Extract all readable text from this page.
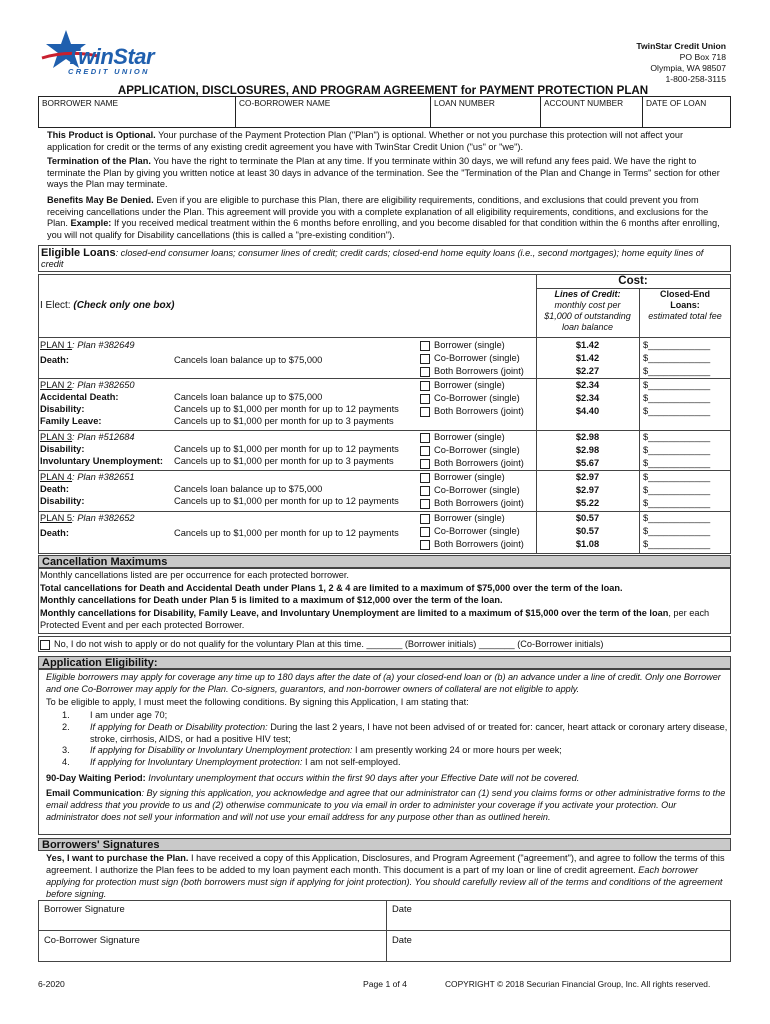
TwinStar
CREDIT UNION
TwinStar Credit Union
PO Box 718
Olympia, WA 98507
1-800-258-3115
APPLICATION, DISCLOSURES, AND PROGRAM AGREEMENT for PAYMENT PROTECTION PLAN
BORROWER NAME	CO-BORROWER NAME	LOAN NUMBER	ACCOUNT NUMBER	DATE OF LOAN
This Product is Optional. Your purchase of the Payment Protection Plan ("Plan") is optional. Whether or not you purchase this protection will not affect your application for credit or the terms of any existing credit agreement you have with TwinStar Credit Union ("us" or "we").
Termination of the Plan. You have the right to terminate the Plan at any time. If you terminate within 30 days, we will refund any fees paid. We have the right to terminate the Plan by giving you written notice at least 30 days in advance of the termination. See the "Termination of the Plan and Change in Terms" section for other ways the Plan may terminate.
Benefits May Be Denied. Even if you are eligible to purchase this Plan, there are eligibility requirements, conditions, and exclusions that could prevent you from receiving cancellations under the Plan. This agreement will provide you with a complete explanation of all eligibility requirements, conditions, and exclusions for the Plan. Example: If you received medical treatment within the 6 months before enrolling, and you become disabled for that condition within the 6 months after enrolling, you will not qualify for Disability cancellations (this is called a "pre-existing condition").
Eligible Loans: closed-end consumer loans; consumer lines of credit; credit cards; closed-end home equity loans (i.e., second mortgages); home equity lines of credit
Cost:
I Elect: (Check only one box)
Lines of Credit:
monthly cost per
$1,000 of outstanding
loan balance
Closed-End
Loans:
estimated total fee
PLAN 1: Plan #382649
Death:	Cancels loan balance up to $75,000
Borrower (single)	$1.42	$____________
Co-Borrower (single)	$1.42	$____________
Both Borrowers (joint)	$2.27	$____________
PLAN 2: Plan #382650
Accidental Death:	Cancels loan balance up to $75,000
Disability:	Cancels up to $1,000 per month for up to 12 payments
Family Leave:	Cancels up to $1,000 per month for up to 3 payments
Borrower (single)	$2.34	$____________
Co-Borrower (single)	$2.34	$____________
Both Borrowers (joint)	$4.40	$____________
PLAN 3: Plan #512684
Disability:	Cancels up to $1,000 per month for up to 12 payments
Involuntary Unemployment: Cancels up to $1,000 per month for up to 3 payments
Borrower (single)	$2.98	$____________
Co-Borrower (single)	$2.98	$____________
Both Borrowers (joint)	$5.67	$____________
PLAN 4: Plan #382651
Death:	Cancels loan balance up to $75,000
Disability:	Cancels up to $1,000 per month for up to 12 payments
Borrower (single)	$2.97	$____________
Co-Borrower (single)	$2.97	$____________
Both Borrowers (joint)	$5.22	$____________
PLAN 5: Plan #382652
Death:	Cancels up to $1,000 per month for up to 12 payments
Borrower (single)	$0.57	$____________
Co-Borrower (single)	$0.57	$____________
Both Borrowers (joint)	$1.08	$____________
Cancellation Maximums
Monthly cancellations listed are per occurrence for each protected borrower.
Total cancellations for Death and Accidental Death under Plans 1, 2 & 4 are limited to a maximum of $75,000 over the term of the loan.
Monthly cancellations for Death under Plan 5 is limited to a maximum of $12,000 over the term of the loan.
Monthly cancellations for Disability, Family Leave, and Involuntary Unemployment are limited to a maximum of $15,000 over the term of the loan, per each Protected Event and per each protected Borrower.
No, I do not wish to apply or do not qualify for the voluntary Plan at this time. _______ (Borrower initials) _______ (Co-Borrower initials)
Application Eligibility:
Eligible borrowers may apply for coverage any time up to 180 days after the date of (a) your closed-end loan or (b) an advance under a line of credit. Only one Borrower and one Co-Borrower may apply for the Plan. Co-signers, guarantors, and non-borrower owners of collateral are not eligible to apply.
To be eligible to apply, I must meet the following conditions. By signing this Application, I am stating that:
1.	I am under age 70;
2.	If applying for Death or Disability protection: During the last 2 years, I have not been advised of or treated for: cancer, heart attack or coronary artery disease, stroke, cirrhosis, AIDS, or had a positive HIV test;
3.	If applying for Disability or Involuntary Unemployment protection: I am presently working 24 or more hours per week;
4.	If applying for Involuntary Unemployment protection: I am not self-employed.
90-Day Waiting Period: Involuntary unemployment that occurs within the first 90 days after your Effective Date will not be covered.
Email Communication: By signing this application, you acknowledge and agree that our administrator can (1) send you claims forms or other administrative forms to the email address that you provide to us and (2) otherwise communicate to you via email in order to administer your coverage if you activate your protection. Our administrator does not sell your information and will not use your email address for any purpose other than as outlined herein.
Borrowers' Signatures
Yes, I want to purchase the Plan. I have received a copy of this Application, Disclosures, and Program Agreement ("agreement"), and agree to follow the terms of this agreement. I authorize the Plan fees to be added to my loan payment each month. This document is a part of my loan or line of credit agreement. Each borrower applying for protection must sign (both borrowers must sign if applying for joint protection). You should carefully review all of the terms and conditions of the agreement before signing.
Borrower Signature	Date
Co-Borrower Signature	Date
6-2020	Page 1 of 4	COPYRIGHT © 2018 Securian Financial Group, Inc. All rights reserved.
